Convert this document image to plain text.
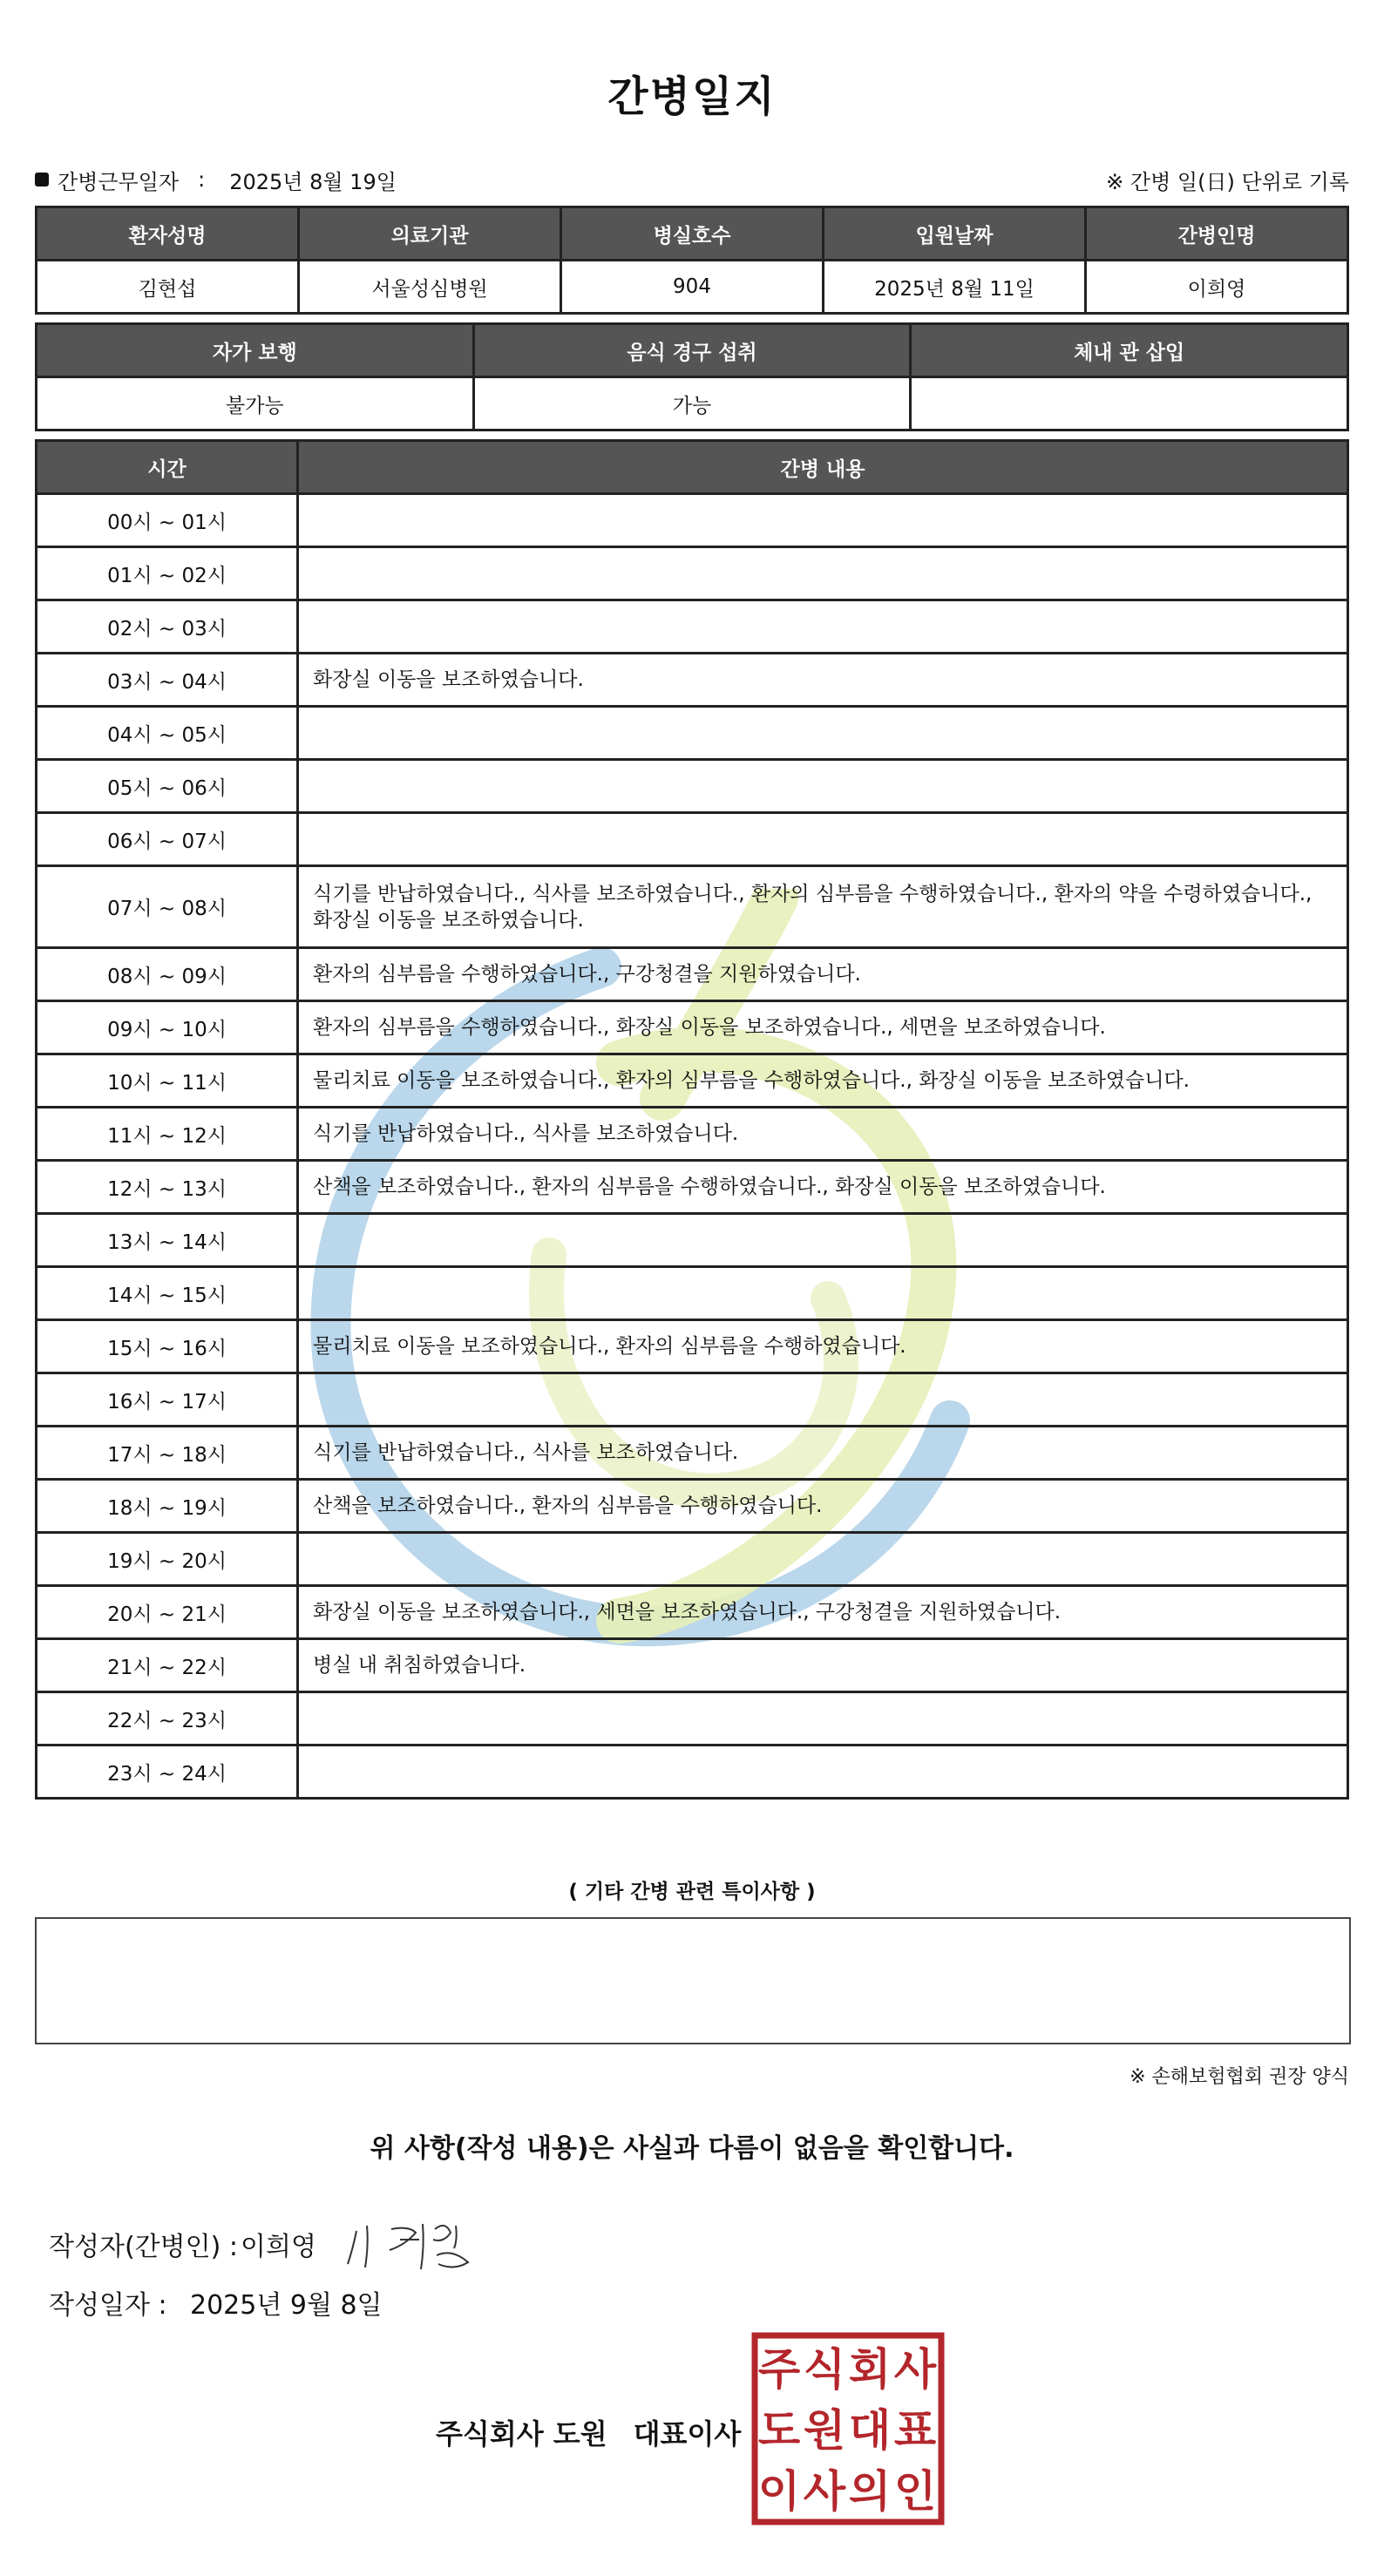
간병일지
간병근무일자 : 2025년 8월 19일	※ 간병 일(日) 단위로 기록
환자성명	의료기관	병실호수	입원날짜	간병인명
김현섭	서울성심병원	904	2025년 8월 11일	이희영
자가 보행	음식 경구 섭취	체내 관 삽입
불가능	가능	
시간	간병 내용
00시 ~ 01시	
01시 ~ 02시	
02시 ~ 03시	
03시 ~ 04시	화장실 이동을 보조하였습니다.
04시 ~ 05시	
05시 ~ 06시	
06시 ~ 07시	
07시 ~ 08시	식기를 반납하였습니다., 식사를 보조하였습니다., 환자의 심부름을 수행하였습니다., 환자의 약을 수령하였습니다., 화장실 이동을 보조하였습니다.
08시 ~ 09시	환자의 심부름을 수행하였습니다., 구강청결을 지원하였습니다.
09시 ~ 10시	환자의 심부름을 수행하였습니다., 화장실 이동을 보조하였습니다., 세면을 보조하였습니다.
10시 ~ 11시	물리치료 이동을 보조하였습니다., 환자의 심부름을 수행하였습니다., 화장실 이동을 보조하였습니다.
11시 ~ 12시	식기를 반납하였습니다., 식사를 보조하였습니다.
12시 ~ 13시	산책을 보조하였습니다., 환자의 심부름을 수행하였습니다., 화장실 이동을 보조하였습니다.
13시 ~ 14시	
14시 ~ 15시	
15시 ~ 16시	물리치료 이동을 보조하였습니다., 환자의 심부름을 수행하였습니다.
16시 ~ 17시	
17시 ~ 18시	식기를 반납하였습니다., 식사를 보조하였습니다.
18시 ~ 19시	산책을 보조하였습니다., 환자의 심부름을 수행하였습니다.
19시 ~ 20시	
20시 ~ 21시	화장실 이동을 보조하였습니다., 세면을 보조하였습니다., 구강청결을 지원하였습니다.
21시 ~ 22시	병실 내 취침하였습니다.
22시 ~ 23시	
23시 ~ 24시	
( 기타 간병 관련 특이사항 )
※ 손해보험협회 권장 양식
위 사항(작성 내용)은 사실과 다름이 없음을 확인합니다.
작성자(간병인) : 이희영
작성일자 : 2025년 9월 8일
주식회사 도원 대표이사
주 식 회 사
도 원 대 표
이 사 의 인
